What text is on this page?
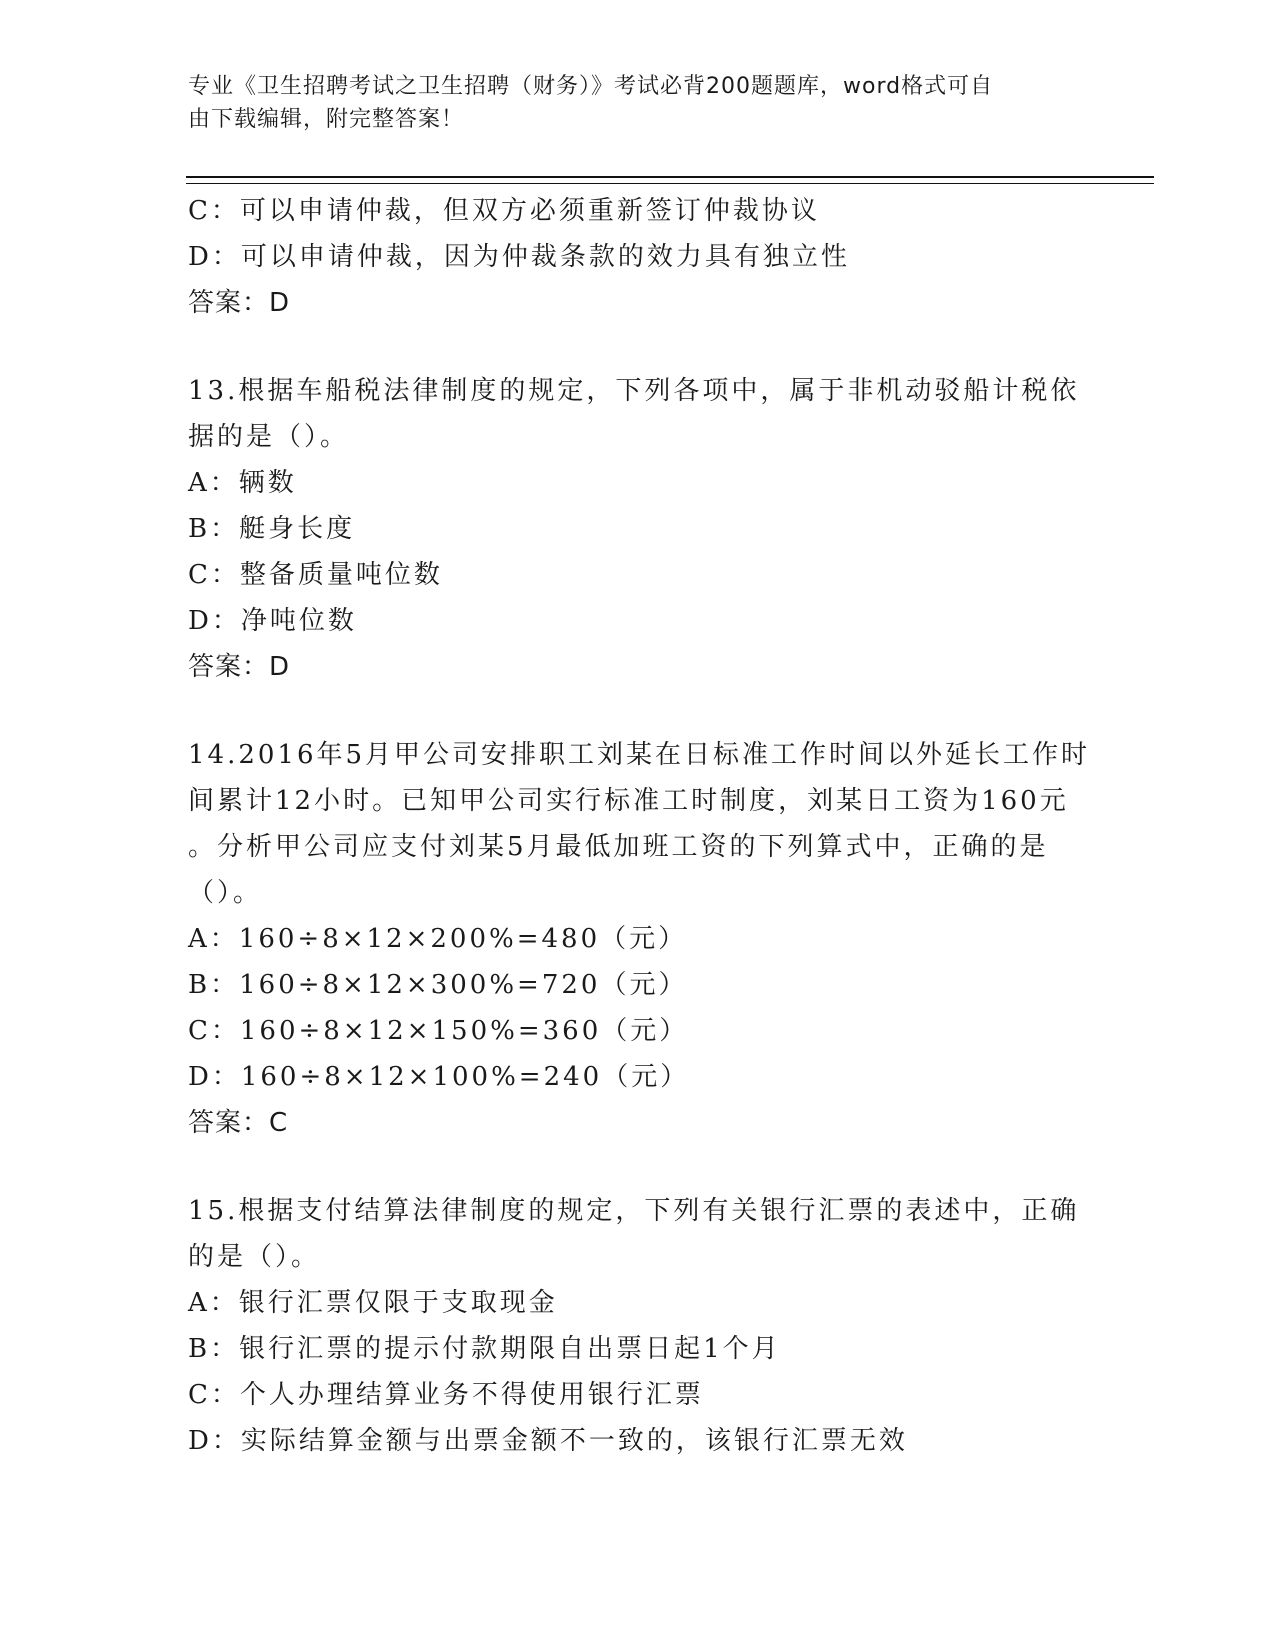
专业《卫生招聘考试之卫生招聘（财务）》考试必背200题题库，word格式可自
由下载编辑，附完整答案！
C：可以申请仲裁，但双方必须重新签订仲裁协议
D：可以申请仲裁，因为仲裁条款的效力具有独立性
答案：D
13.根据车船税法律制度的规定，下列各项中，属于非机动驳船计税依
据的是（）。
A：辆数
B：艇身长度
C：整备质量吨位数
D：净吨位数
答案：D
14.2016年5月甲公司安排职工刘某在日标准工作时间以外延长工作时
间累计12小时。已知甲公司实行标准工时制度，刘某日工资为160元
。分析甲公司应支付刘某5月最低加班工资的下列算式中，正确的是
（）。
A：160÷8×12×200%=480（元）
B：160÷8×12×300%=720（元）
C：160÷8×12×150%=360（元）
D：160÷8×12×100%=240（元）
答案：C
15.根据支付结算法律制度的规定，下列有关银行汇票的表述中，正确
的是（）。
A：银行汇票仅限于支取现金
B：银行汇票的提示付款期限自出票日起1个月
C：个人办理结算业务不得使用银行汇票
D：实际结算金额与出票金额不一致的，该银行汇票无效
